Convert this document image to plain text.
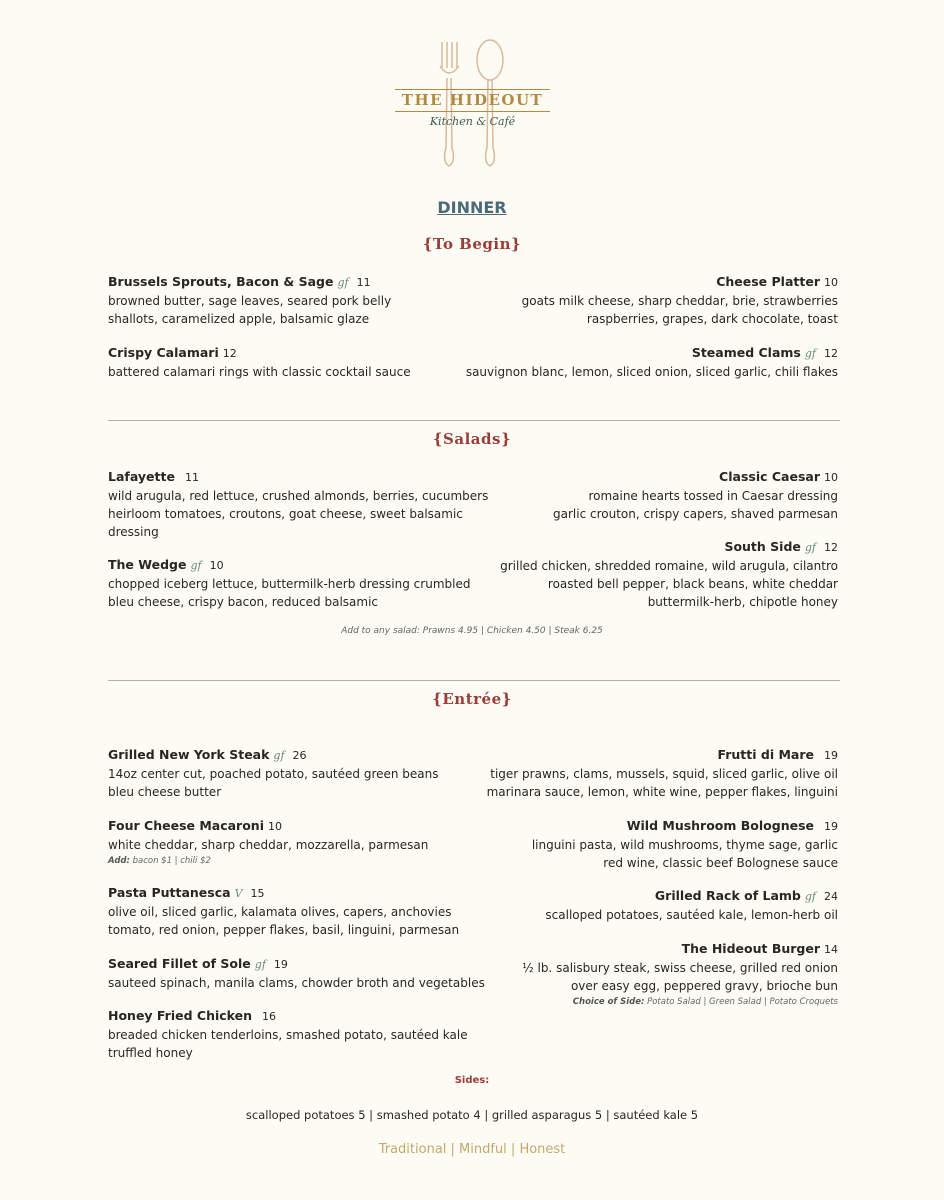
THE HIDEOUT
Kitchen & Café
DINNER
{To Begin}
Brussels Sprouts, Bacon & Sage gf 11
browned butter, sage leaves, seared pork belly
shallots, caramelized apple, balsamic glaze
Crispy Calamari 12
battered calamari rings with classic cocktail sauce
Cheese Platter 10
goats milk cheese, sharp cheddar, brie, strawberries
raspberries, grapes, dark chocolate, toast
Steamed Clams gf 12
sauvignon blanc, lemon, sliced onion, sliced garlic, chili flakes
{Salads}
Lafayette 11
wild arugula, red lettuce, crushed almonds, berries, cucumbers
heirloom tomatoes, croutons, goat cheese, sweet balsamic
dressing
The Wedge gf 10
chopped iceberg lettuce, buttermilk-herb dressing crumbled
bleu cheese, crispy bacon, reduced balsamic
Classic Caesar 10
romaine hearts tossed in Caesar dressing
garlic crouton, crispy capers, shaved parmesan
South Side gf 12
grilled chicken, shredded romaine, wild arugula, cilantro
roasted bell pepper, black beans, white cheddar
buttermilk-herb, chipotle honey
Add to any salad: Prawns 4.95 | Chicken 4.50 | Steak 6.25
{Entrée}
Grilled New York Steak gf 26
14oz center cut, poached potato, sautéed green beans
bleu cheese butter
Four Cheese Macaroni 10
white cheddar, sharp cheddar, mozzarella, parmesan
Add: bacon $1 | chili $2
Pasta Puttanesca V 15
olive oil, sliced garlic, kalamata olives, capers, anchovies
tomato, red onion, pepper flakes, basil, linguini, parmesan
Seared Fillet of Sole gf 19
sauteed spinach, manila clams, chowder broth and vegetables
Honey Fried Chicken 16
breaded chicken tenderloins, smashed potato, sautéed kale
truffled honey
Frutti di Mare 19
tiger prawns, clams, mussels, squid, sliced garlic, olive oil
marinara sauce, lemon, white wine, pepper flakes, linguini
Wild Mushroom Bolognese 19
linguini pasta, wild mushrooms, thyme sage, garlic
red wine, classic beef Bolognese sauce
Grilled Rack of Lamb gf 24
scalloped potatoes, sautéed kale, lemon-herb oil
The Hideout Burger 14
½ lb. salisbury steak, swiss cheese, grilled red onion
over easy egg, peppered gravy, brioche bun
Choice of Side: Potato Salad | Green Salad | Potato Croquets
Sides:
scalloped potatoes 5 | smashed potato 4 | grilled asparagus 5 | sautéed kale 5
Traditional | Mindful | Honest
